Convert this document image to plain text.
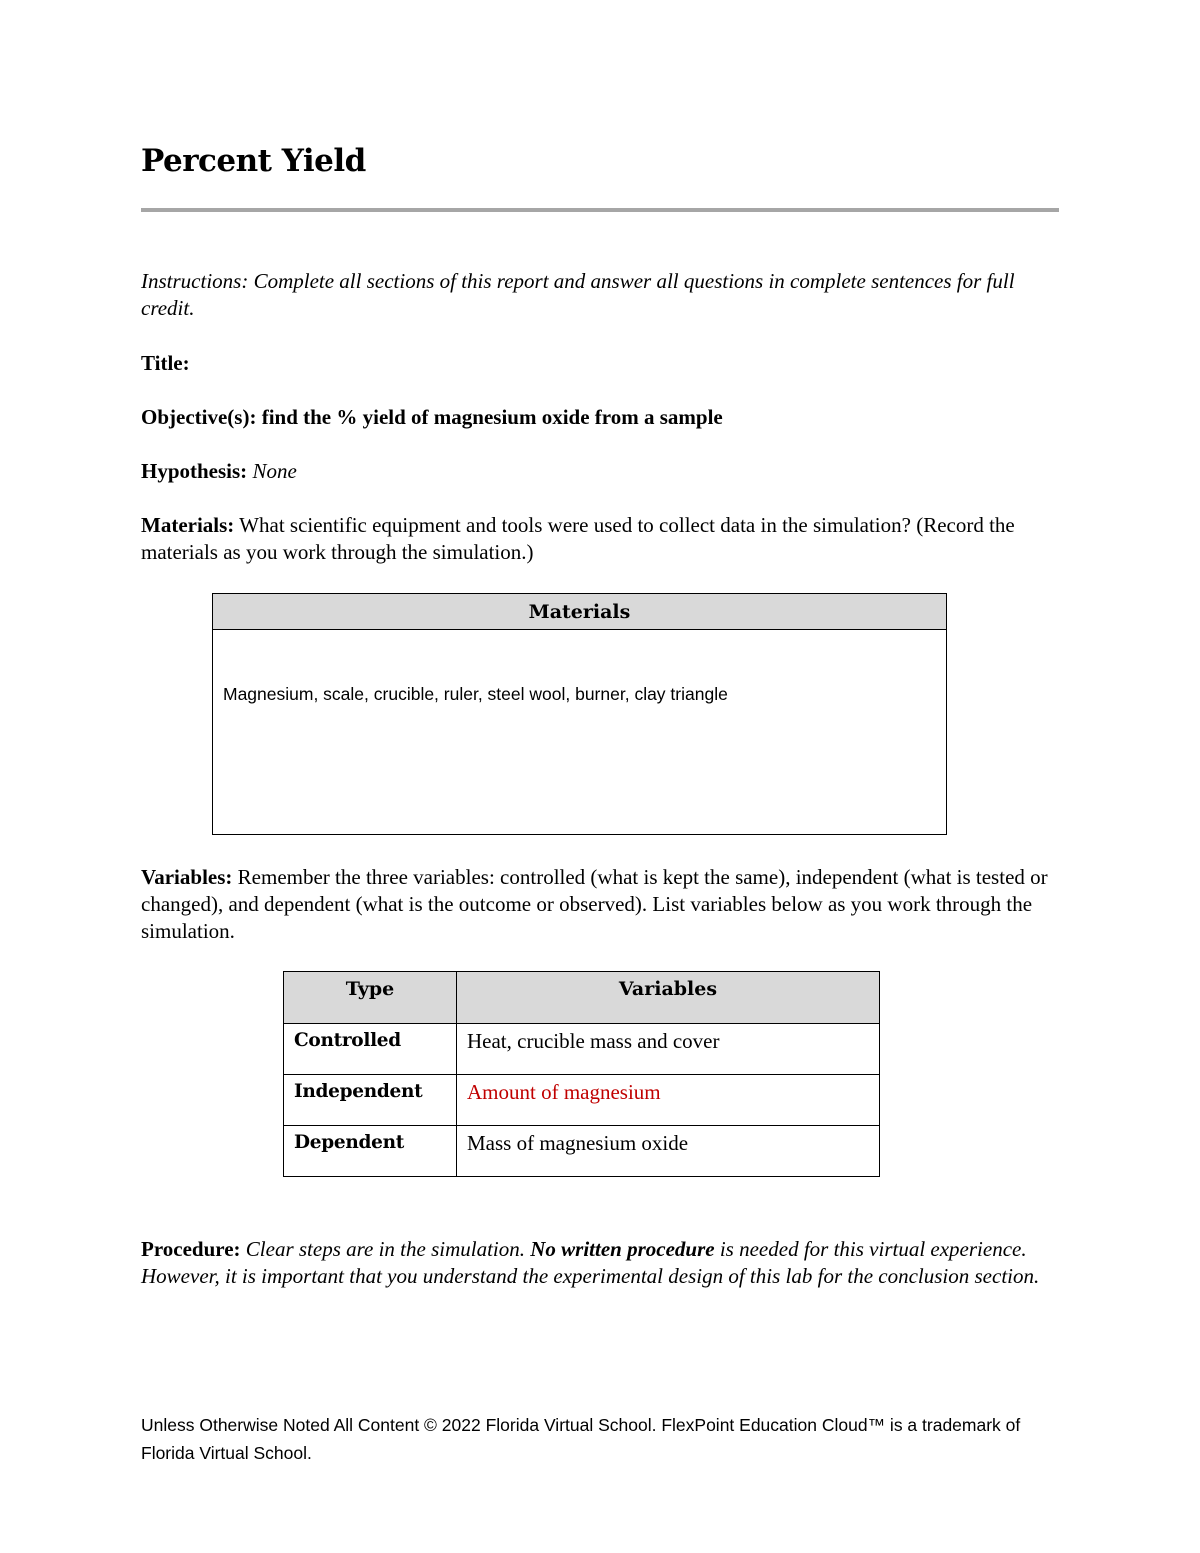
Percent Yield

Instructions: Complete all sections of this report and answer all questions in complete sentences for full credit.

Title:

Objective(s): find the % yield of magnesium oxide from a sample

Hypothesis: None

Materials: What scientific equipment and tools were used to collect data in the simulation? (Record the materials as you work through the simulation.)

Materials
Magnesium, scale, crucible, ruler, steel wool, burner, clay triangle

Variables: Remember the three variables: controlled (what is kept the same), independent (what is tested or changed), and dependent (what is the outcome or observed). List variables below as you work through the simulation.

Type	Variables
Controlled	Heat, crucible mass and cover
Independent	Amount of magnesium
Dependent	Mass of magnesium oxide

Procedure: Clear steps are in the simulation. No written procedure is needed for this virtual experience. However, it is important that you understand the experimental design of this lab for the conclusion section.

Unless Otherwise Noted All Content © 2022 Florida Virtual School. FlexPoint Education Cloud™ is a trademark of Florida Virtual School.
